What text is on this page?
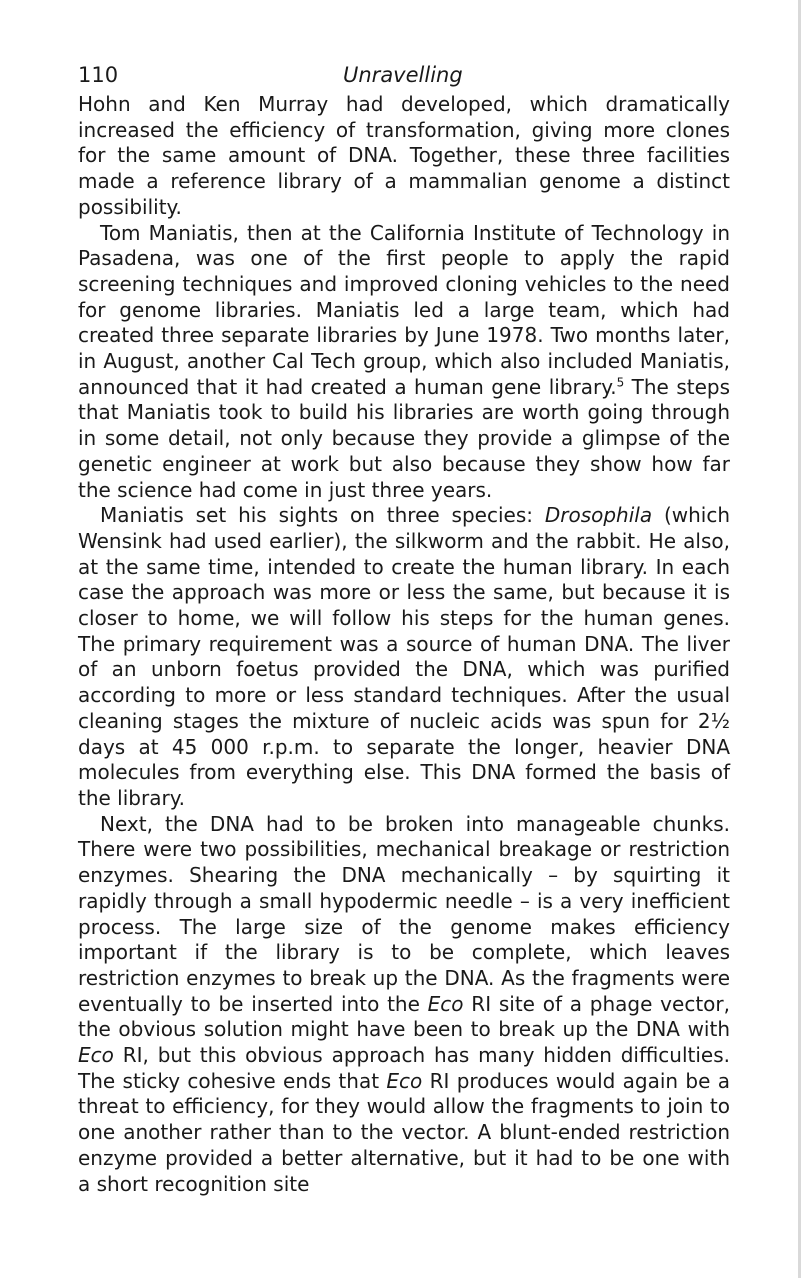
110	Unravelling

Hohn and Ken Murray had developed, which dramatically increased the efficiency of transformation, giving more clones for the same amount of DNA. Together, these three facilities made a reference library of a mammalian genome a distinct possibility.

Tom Maniatis, then at the California Institute of Technology in Pasadena, was one of the first people to apply the rapid screening techniques and improved cloning vehicles to the need for genome libraries. Maniatis led a large team, which had created three separate libraries by June 1978. Two months later, in August, another Cal Tech group, which also included Maniatis, announced that it had created a human gene library.$^5$ The steps that Maniatis took to build his libraries are worth going through in some detail, not only because they provide a glimpse of the genetic engineer at work but also because they show how far the science had come in just three years.

Maniatis set his sights on three species: Drosophila (which Wensink had used earlier), the silkworm and the rabbit. He also, at the same time, intended to create the human library. In each case the approach was more or less the same, but because it is closer to home, we will follow his steps for the human genes. The primary requirement was a source of human DNA. The liver of an unborn foetus provided the DNA, which was purified according to more or less standard techniques. After the usual cleaning stages the mixture of nucleic acids was spun for 2½ days at 45 000 r.p.m. to separate the longer, heavier DNA molecules from everything else. This DNA formed the basis of the library.

Next, the DNA had to be broken into manageable chunks. There were two possibilities, mechanical breakage or restriction enzymes. Shearing the DNA mechanically – by squirting it rapidly through a small hypodermic needle – is a very inefficient process. The large size of the genome makes efficiency important if the library is to be complete, which leaves restriction enzymes to break up the DNA. As the fragments were eventually to be inserted into the Eco RI site of a phage vector, the obvious solution might have been to break up the DNA with Eco RI, but this obvious approach has many hidden difficulties. The sticky cohesive ends that Eco RI produces would again be a threat to efficiency, for they would allow the fragments to join to one another rather than to the vector. A blunt-ended restriction enzyme provided a better alternative, but it had to be one with a short recognition site
